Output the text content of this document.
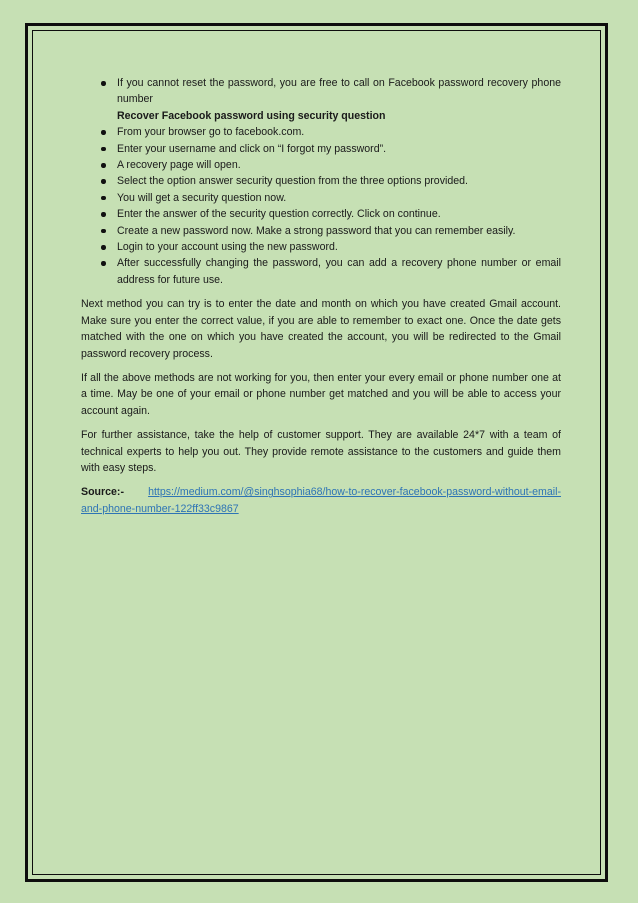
If you cannot reset the password, you are free to call on Facebook password recovery phone number
Recover Facebook password using security question
From your browser go to facebook.com.
Enter your username and click on “I forgot my password”.
A recovery page will open.
Select the option answer security question from the three options provided.
You will get a security question now.
Enter the answer of the security question correctly. Click on continue.
Create a new password now. Make a strong password that you can remember easily.
Login to your account using the new password.
After successfully changing the password, you can add a recovery phone number or email address for future use.

Next method you can try is to enter the date and month on which you have created Gmail account. Make sure you enter the correct value, if you are able to remember to exact one. Once the date gets matched with the one on which you have created the account, you will be redirected to the Gmail password recovery process.

If all the above methods are not working for you, then enter your every email or phone number one at a time. May be one of your email or phone number get matched and you will be able to access your account again.

For further assistance, take the help of customer support. They are available 24*7 with a team of technical experts to help you out. They provide remote assistance to the customers and guide them with easy steps.

Source:- https://medium.com/@singhsophia68/how-to-recover-facebook-password-without-email-and-phone-number-122ff33c9867
